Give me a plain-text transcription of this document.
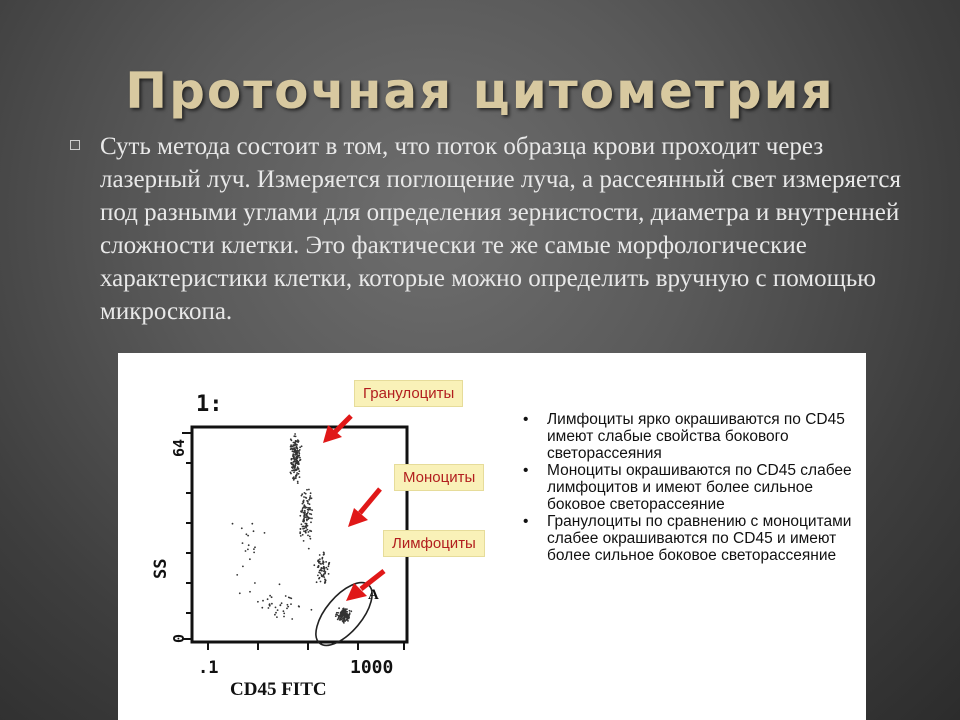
Проточная цитометрия
Суть метода состоит в том, что поток образца крови проходит через лазерный луч. Измеряется поглощение луча, а рассеянный свет измеряется под разными углами для определения зернистости, диаметра и внутренней сложности клетки. Это фактически те же самые морфологические характеристики клетки, которые можно определить вручную с помощью микроскопа.
1:
64
0
SS
.1	1000
CD45 FITC
A
Гранулоциты
Моноциты
Лимфоциты
• Лимфоциты ярко окрашиваются по CD45 имеют слабые свойства бокового светорассеяния
• Моноциты окрашиваются по CD45 слабее лимфоцитов и имеют более сильное боковое светорассеяние
• Гранулоциты по сравнению с моноцитами слабее окрашиваются по CD45 и имеют более сильное боковое светорассеяние
